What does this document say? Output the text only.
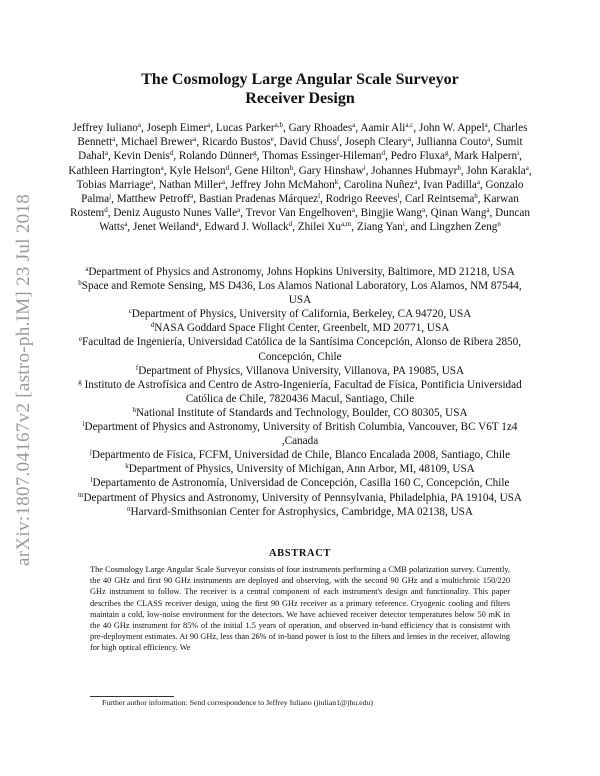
arXiv:1807.04167v2 [astro-ph.IM] 23 Jul 2018
The Cosmology Large Angular Scale Surveyor
Receiver Design
Jeffrey Iuliano$^a$, Joseph Eimer$^a$, Lucas Parker$^{a,b}$, Gary Rhoades$^a$, Aamir Ali$^{a,c}$, John W. Appel$^a$, Charles Bennett$^a$, Michael Brewer$^a$, Ricardo Bustos$^e$, David Chuss$^f$, Joseph Cleary$^a$, Jullianna Couto$^a$, Sumit Dahal$^a$, Kevin Denis$^d$, Rolando Dünner$^g$, Thomas Essinger-Hileman$^d$, Pedro Fluxa$^g$, Mark Halpern$^i$, Kathleen Harrington$^a$, Kyle Helson$^d$, Gene Hilton$^h$, Gary Hinshaw$^i$, Johannes Hubmayr$^h$, John Karakla$^a$, Tobias Marriage$^a$, Nathan Miller$^a$, Jeffrey John McMahon$^k$, Carolina Nuñez$^a$, Ivan Padilla$^a$, Gonzalo Palma$^j$, Matthew Petroff$^a$, Bastian Pradenas Márquez$^l$, Rodrigo Reeves$^l$, Carl Reintsema$^h$, Karwan Rostem$^d$, Deniz Augusto Nunes Valle$^a$, Trevor Van Engelhoven$^a$, Bingjie Wang$^a$, Qinan Wang$^a$, Duncan Watts$^a$, Jenet Weiland$^a$, Edward J. Wollack$^d$, Zhilei Xu$^{a,m}$, Ziang Yan$^i$, and Lingzhen Zeng$^n$
$^a$Department of Physics and Astronomy, Johns Hopkins University, Baltimore, MD 21218, USA
$^b$Space and Remote Sensing, MS D436, Los Alamos National Laboratory, Los Alamos, NM 87544, USA
$^c$Department of Physics, University of California, Berkeley, CA 94720, USA
$^d$NASA Goddard Space Flight Center, Greenbelt, MD 20771, USA
$^e$Facultad de Ingeniería, Universidad Católica de la Santísima Concepción, Alonso de Ribera 2850, Concepción, Chile
$^f$Department of Physics, Villanova University, Villanova, PA 19085, USA
$^g$ Instituto de Astrofísica and Centro de Astro-Ingeniería, Facultad de Física, Pontificia Universidad Católica de Chile, 7820436 Macul, Santiago, Chile
$^h$National Institute of Standards and Technology, Boulder, CO 80305, USA
$^i$Department of Physics and Astronomy, University of British Columbia, Vancouver, BC V6T 1z4 ,Canada
$^j$Departmento de Física, FCFM, Universidad de Chile, Blanco Encalada 2008, Santiago, Chile
$^k$Department of Physics, University of Michigan, Ann Arbor, MI, 48109, USA
$^l$Departamento de Astronomía, Universidad de Concepción, Casilla 160 C, Concepción, Chile
$^m$Department of Physics and Astronomy, University of Pennsylvania, Philadelphia, PA 19104, USA
$^n$Harvard-Smithsonian Center for Astrophysics, Cambridge, MA 02138, USA
ABSTRACT
The Cosmology Large Angular Scale Surveyor consists of four instruments performing a CMB polarization survey. Currently, the 40 GHz and first 90 GHz instruments are deployed and observing, with the second 90 GHz and a multichroic 150/220 GHz instrument to follow. The receiver is a central component of each instrument's design and functionality. This paper describes the CLASS receiver design, using the first 90 GHz receiver as a primary reference. Cryogenic cooling and filters maintain a cold, low-noise environment for the detectors. We have achieved receiver detector temperatures below 50 mK in the 40 GHz instrument for 85% of the initial 1.5 years of operation, and observed in-band efficiency that is consistent with pre-deployment estimates. At 90 GHz, less than 26% of in-band power is lost to the filters and lenses in the receiver, allowing for high optical efficiency. We
Further author information: Send correspondence to Jeffrey Iuliano (jiulian1@jhu.edu)
